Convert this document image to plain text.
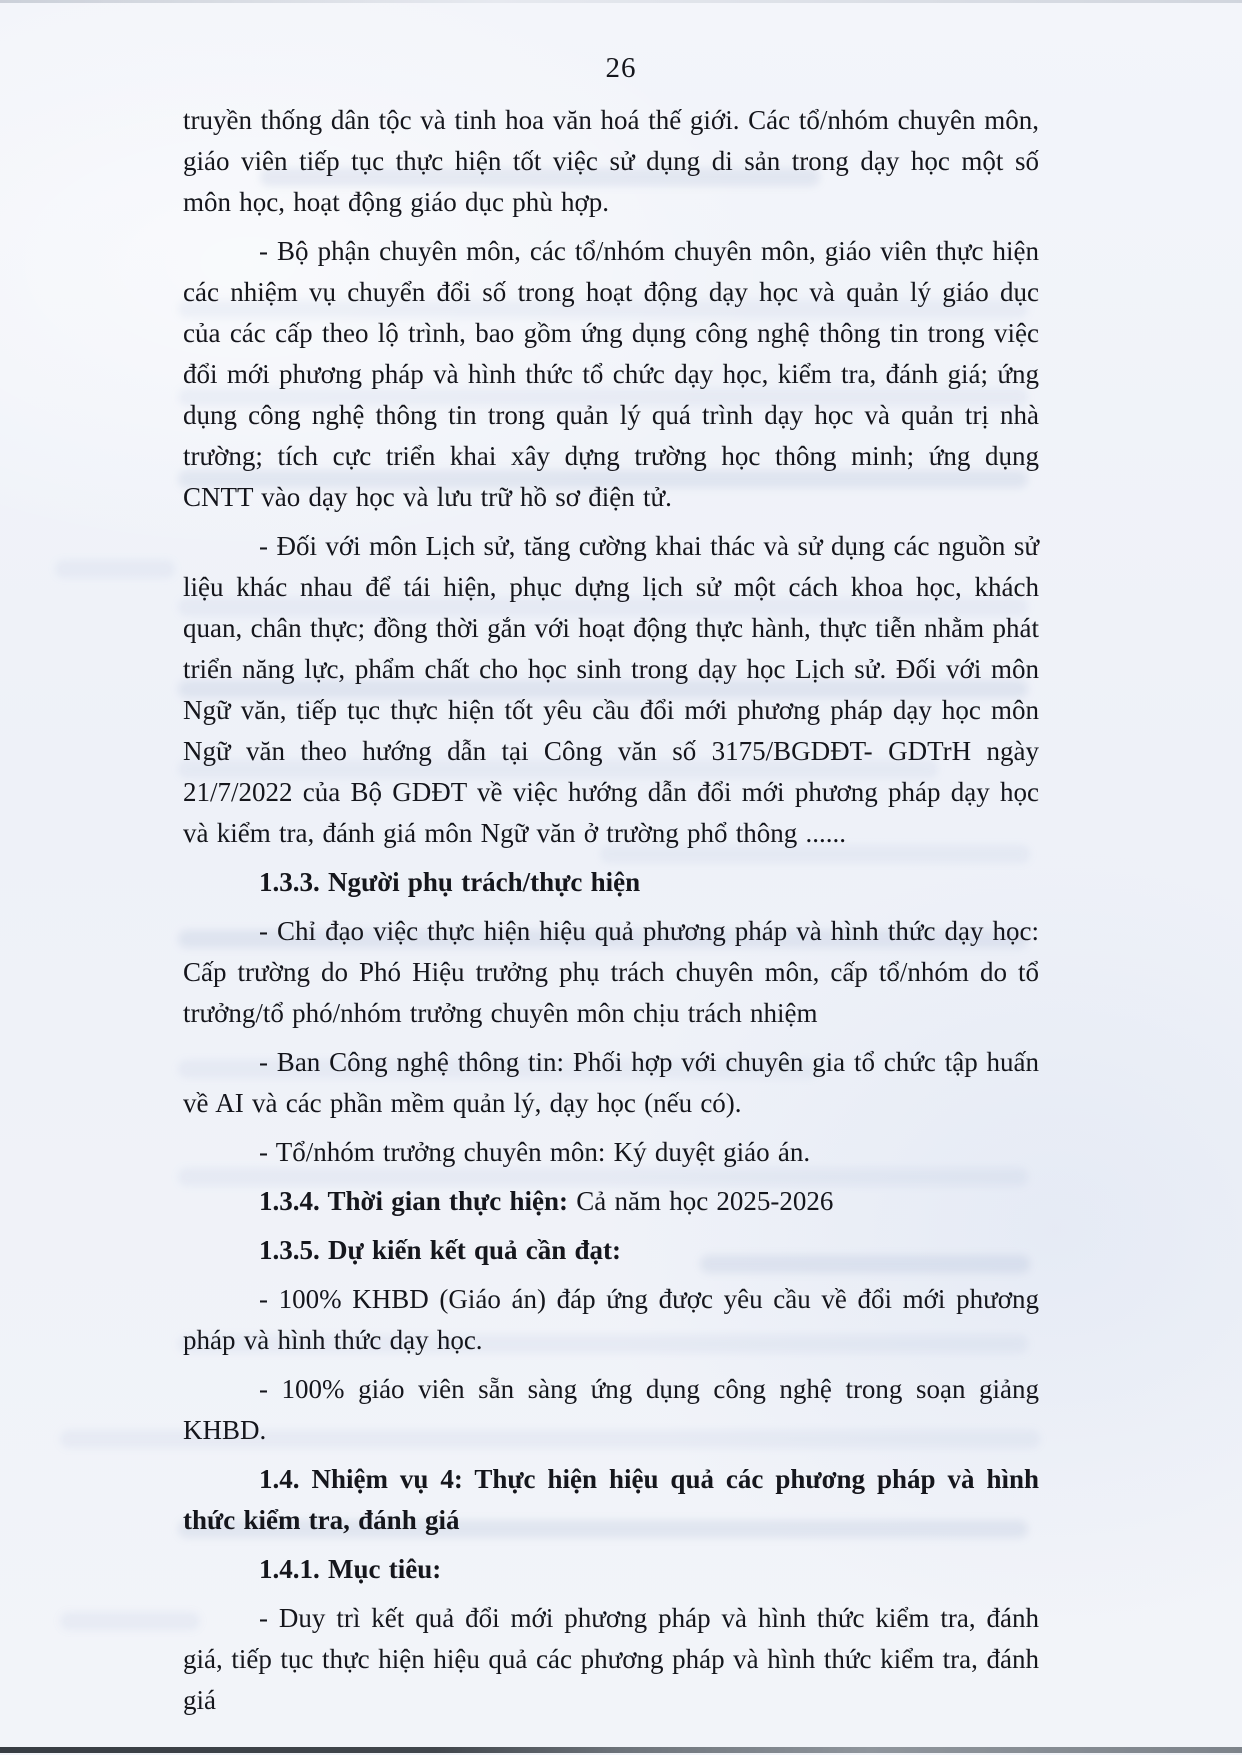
26

truyền thống dân tộc và tinh hoa văn hoá thế giới. Các tổ/nhóm chuyên môn, giáo viên tiếp tục thực hiện tốt việc sử dụng di sản trong dạy học một số môn học, hoạt động giáo dục phù hợp.

- Bộ phận chuyên môn, các tổ/nhóm chuyên môn, giáo viên thực hiện các nhiệm vụ chuyển đổi số trong hoạt động dạy học và quản lý giáo dục của các cấp theo lộ trình, bao gồm ứng dụng công nghệ thông tin trong việc đổi mới phương pháp và hình thức tổ chức dạy học, kiểm tra, đánh giá; ứng dụng công nghệ thông tin trong quản lý quá trình dạy học và quản trị nhà trường; tích cực triển khai xây dựng trường học thông minh; ứng dụng CNTT vào dạy học và lưu trữ hồ sơ điện tử.

- Đối với môn Lịch sử, tăng cường khai thác và sử dụng các nguồn sử liệu khác nhau để tái hiện, phục dựng lịch sử một cách khoa học, khách quan, chân thực; đồng thời gắn với hoạt động thực hành, thực tiễn nhằm phát triển năng lực, phẩm chất cho học sinh trong dạy học Lịch sử. Đối với môn Ngữ văn, tiếp tục thực hiện tốt yêu cầu đổi mới phương pháp dạy học môn Ngữ văn theo hướng dẫn tại Công văn số 3175/BGDĐT- GDTrH ngày 21/7/2022 của Bộ GDĐT về việc hướng dẫn đổi mới phương pháp dạy học và kiểm tra, đánh giá môn Ngữ văn ở trường phổ thông ......

1.3.3. Người phụ trách/thực hiện

- Chỉ đạo việc thực hiện hiệu quả phương pháp và hình thức dạy học: Cấp trường do Phó Hiệu trưởng phụ trách chuyên môn, cấp tổ/nhóm do tổ trưởng/tổ phó/nhóm trưởng chuyên môn chịu trách nhiệm

- Ban Công nghệ thông tin: Phối hợp với chuyên gia tổ chức tập huấn về AI và các phần mềm quản lý, dạy học (nếu có).

- Tổ/nhóm trưởng chuyên môn: Ký duyệt giáo án.

1.3.4. Thời gian thực hiện: Cả năm học 2025-2026

1.3.5. Dự kiến kết quả cần đạt:

- 100% KHBD (Giáo án) đáp ứng được yêu cầu về đổi mới phương pháp và hình thức dạy học.

- 100% giáo viên sẵn sàng ứng dụng công nghệ trong soạn giảng KHBD.

1.4. Nhiệm vụ 4: Thực hiện hiệu quả các phương pháp và hình thức kiểm tra, đánh giá

1.4.1. Mục tiêu:

- Duy trì kết quả đổi mới phương pháp và hình thức kiểm tra, đánh giá, tiếp tục thực hiện hiệu quả các phương pháp và hình thức kiểm tra, đánh giá
